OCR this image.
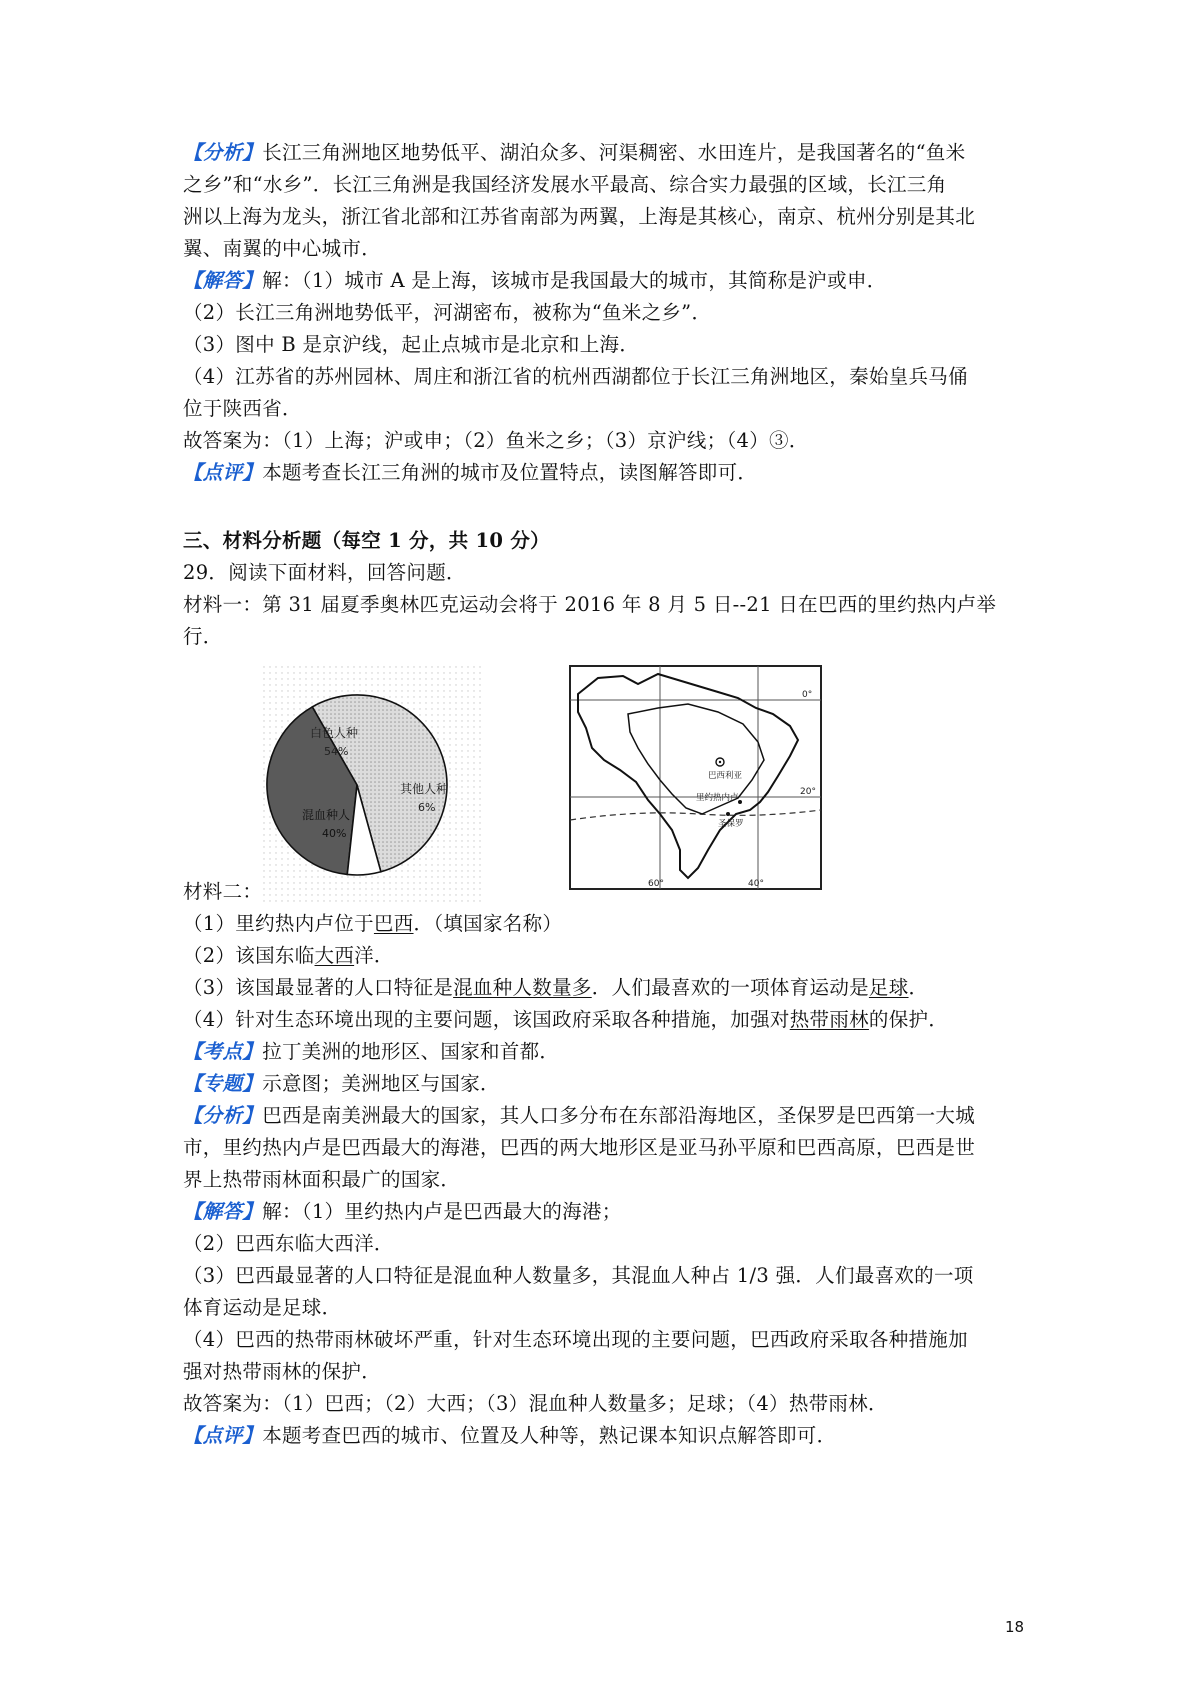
【分析】长江三角洲地区地势低平、湖泊众多、河渠稠密、水田连片，是我国著名的“鱼米
之乡”和“水乡”．长江三角洲是我国经济发展水平最高、综合实力最强的区域，长江三角
洲以上海为龙头，浙江省北部和江苏省南部为两翼，上海是其核心，南京、杭州分别是其北
翼、南翼的中心城市．
【解答】解：（1）城市 A 是上海，该城市是我国最大的城市，其简称是沪或申．
（2）长江三角洲地势低平，河湖密布，被称为“鱼米之乡”．
（3）图中 B 是京沪线，起止点城市是北京和上海．
（4）江苏省的苏州园林、周庄和浙江省的杭州西湖都位于长江三角洲地区，秦始皇兵马俑
位于陕西省．
故答案为：（1）上海；沪或申；（2）鱼米之乡；（3）京沪线；（4）③．
【点评】本题考查长江三角洲的城市及位置特点，读图解答即可．
三、材料分析题（每空 1 分，共 10 分）
29．阅读下面材料，回答问题．
材料一：第 31 届夏季奥林匹克运动会将于 2016 年 8 月 5 日--21 日在巴西的里约热内卢举
行．
白色人种
54%
其他人种
6%
混血种人
40%
巴西利亚
里约热内卢
圣保罗
60°	40°
0°
20°
材料二：
（1）里约热内卢位于巴西．（填国家名称）
（2）该国东临大西洋．
（3）该国最显著的人口特征是混血种人数量多．人们最喜欢的一项体育运动是足球．
（4）针对生态环境出现的主要问题，该国政府采取各种措施，加强对热带雨林的保护．
【考点】拉丁美洲的地形区、国家和首都．
【专题】示意图；美洲地区与国家．
【分析】巴西是南美洲最大的国家，其人口多分布在东部沿海地区，圣保罗是巴西第一大城
市，里约热内卢是巴西最大的海港，巴西的两大地形区是亚马孙平原和巴西高原，巴西是世
界上热带雨林面积最广的国家．
【解答】解：（1）里约热内卢是巴西最大的海港；
（2）巴西东临大西洋．
（3）巴西最显著的人口特征是混血种人数量多，其混血人种占 1/3 强．人们最喜欢的一项
体育运动是足球．
（4）巴西的热带雨林破坏严重，针对生态环境出现的主要问题，巴西政府采取各种措施加
强对热带雨林的保护．
故答案为：（1）巴西；（2）大西；（3）混血种人数量多；足球；（4）热带雨林．
【点评】本题考查巴西的城市、位置及人种等，熟记课本知识点解答即可．
18
